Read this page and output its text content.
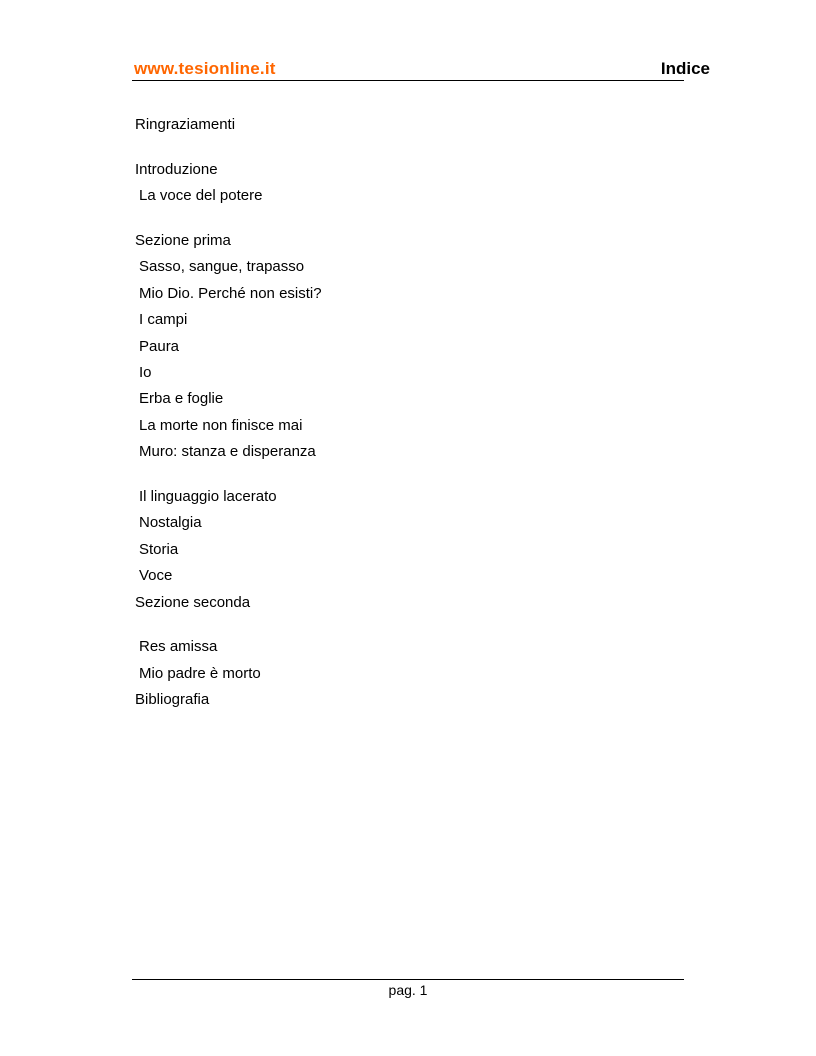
www.tesionline.it	Indice
Ringraziamenti
Introduzione
La voce del potere
Sezione prima
Sasso, sangue, trapasso
Mio Dio. Perché non esisti?
I campi
Paura
Io
Erba e foglie
La morte non finisce mai
Muro: stanza e disperanza
Il linguaggio lacerato
Nostalgia
Storia
Voce
Sezione seconda
Res amissa
Mio padre è morto
Bibliografia
pag. 1
